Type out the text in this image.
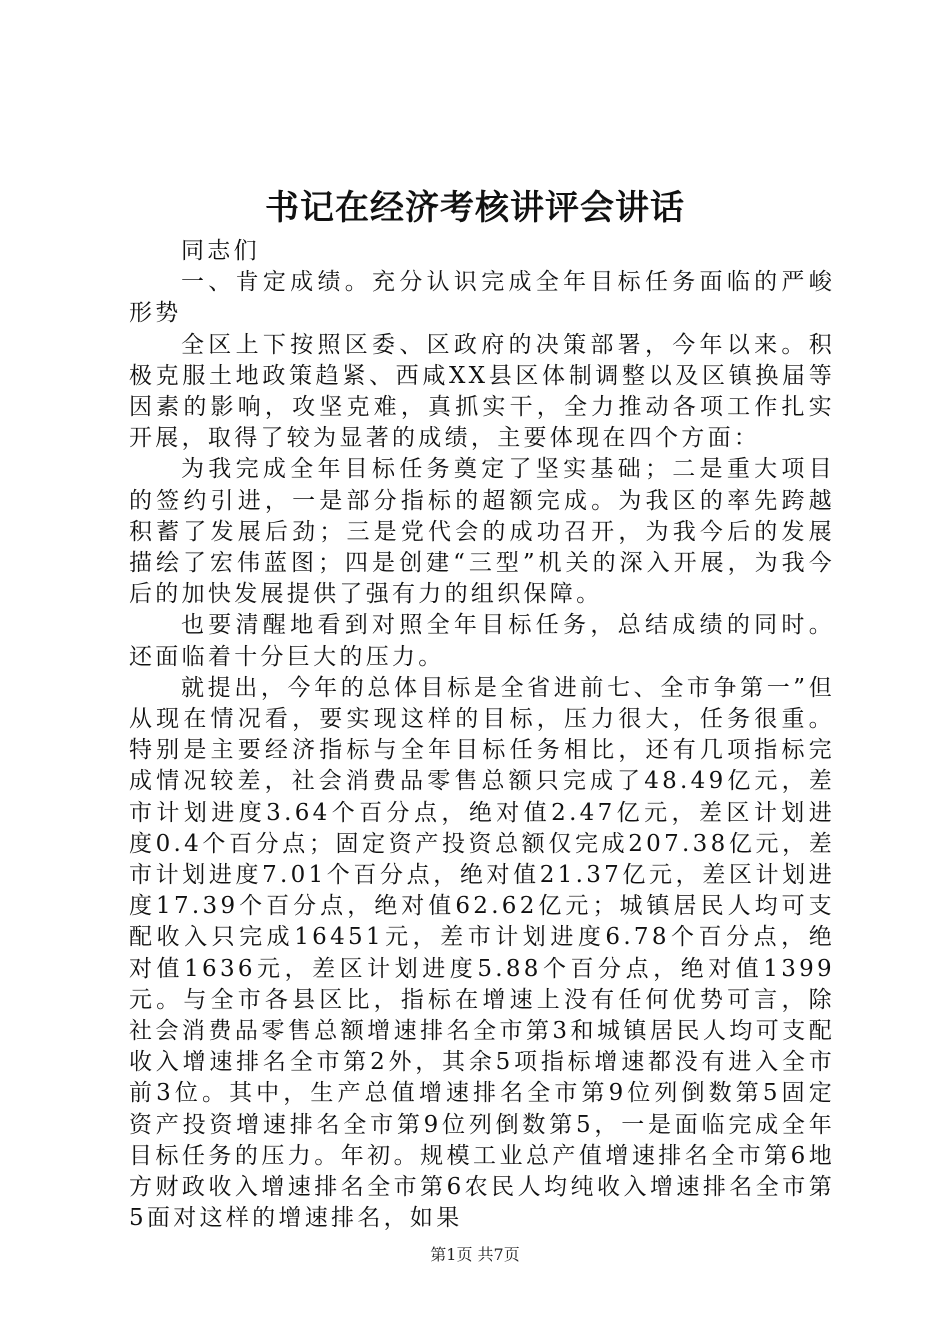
书记在经济考核讲评会讲话

同志们

一、肯定成绩。充分认识完成全年目标任务面临的严峻形势

全区上下按照区委、区政府的决策部署，今年以来。积极克服土地政策趋紧、西咸XX县区体制调整以及区镇换届等因素的影响，攻坚克难，真抓实干，全力推动各项工作扎实开展，取得了较为显著的成绩，主要体现在四个方面：

为我完成全年目标任务奠定了坚实基础；二是重大项目的签约引进，一是部分指标的超额完成。为我区的率先跨越积蓄了发展后劲；三是党代会的成功召开，为我今后的发展描绘了宏伟蓝图；四是创建“三型”机关的深入开展，为我今后的加快发展提供了强有力的组织保障。

也要清醒地看到对照全年目标任务，总结成绩的同时。还面临着十分巨大的压力。

就提出，今年的总体目标是全省进前七、全市争第一”但从现在情况看，要实现这样的目标，压力很大，任务很重。特别是主要经济指标与全年目标任务相比，还有几项指标完成情况较差，社会消费品零售总额只完成了48.49亿元，差市计划进度3.64个百分点，绝对值2.47亿元，差区计划进度0.4个百分点；固定资产投资总额仅完成207.38亿元，差市计划进度7.01个百分点，绝对值21.37亿元，差区计划进度17.39个百分点，绝对值62.62亿元；城镇居民人均可支配收入只完成16451元，差市计划进度6.78个百分点，绝对值1636元，差区计划进度5.88个百分点，绝对值1399元。与全市各县区比，指标在增速上没有任何优势可言，除社会消费品零售总额增速排名全市第3和城镇居民人均可支配收入增速排名全市第2外，其余5项指标增速都没有进入全市前3位。其中，生产总值增速排名全市第9位列倒数第5固定资产投资增速排名全市第9位列倒数第5，一是面临完成全年目标任务的压力。年初。规模工业总产值增速排名全市第6地方财政收入增速排名全市第6农民人均纯收入增速排名全市第5面对这样的增速排名，如果

第1页 共7页
